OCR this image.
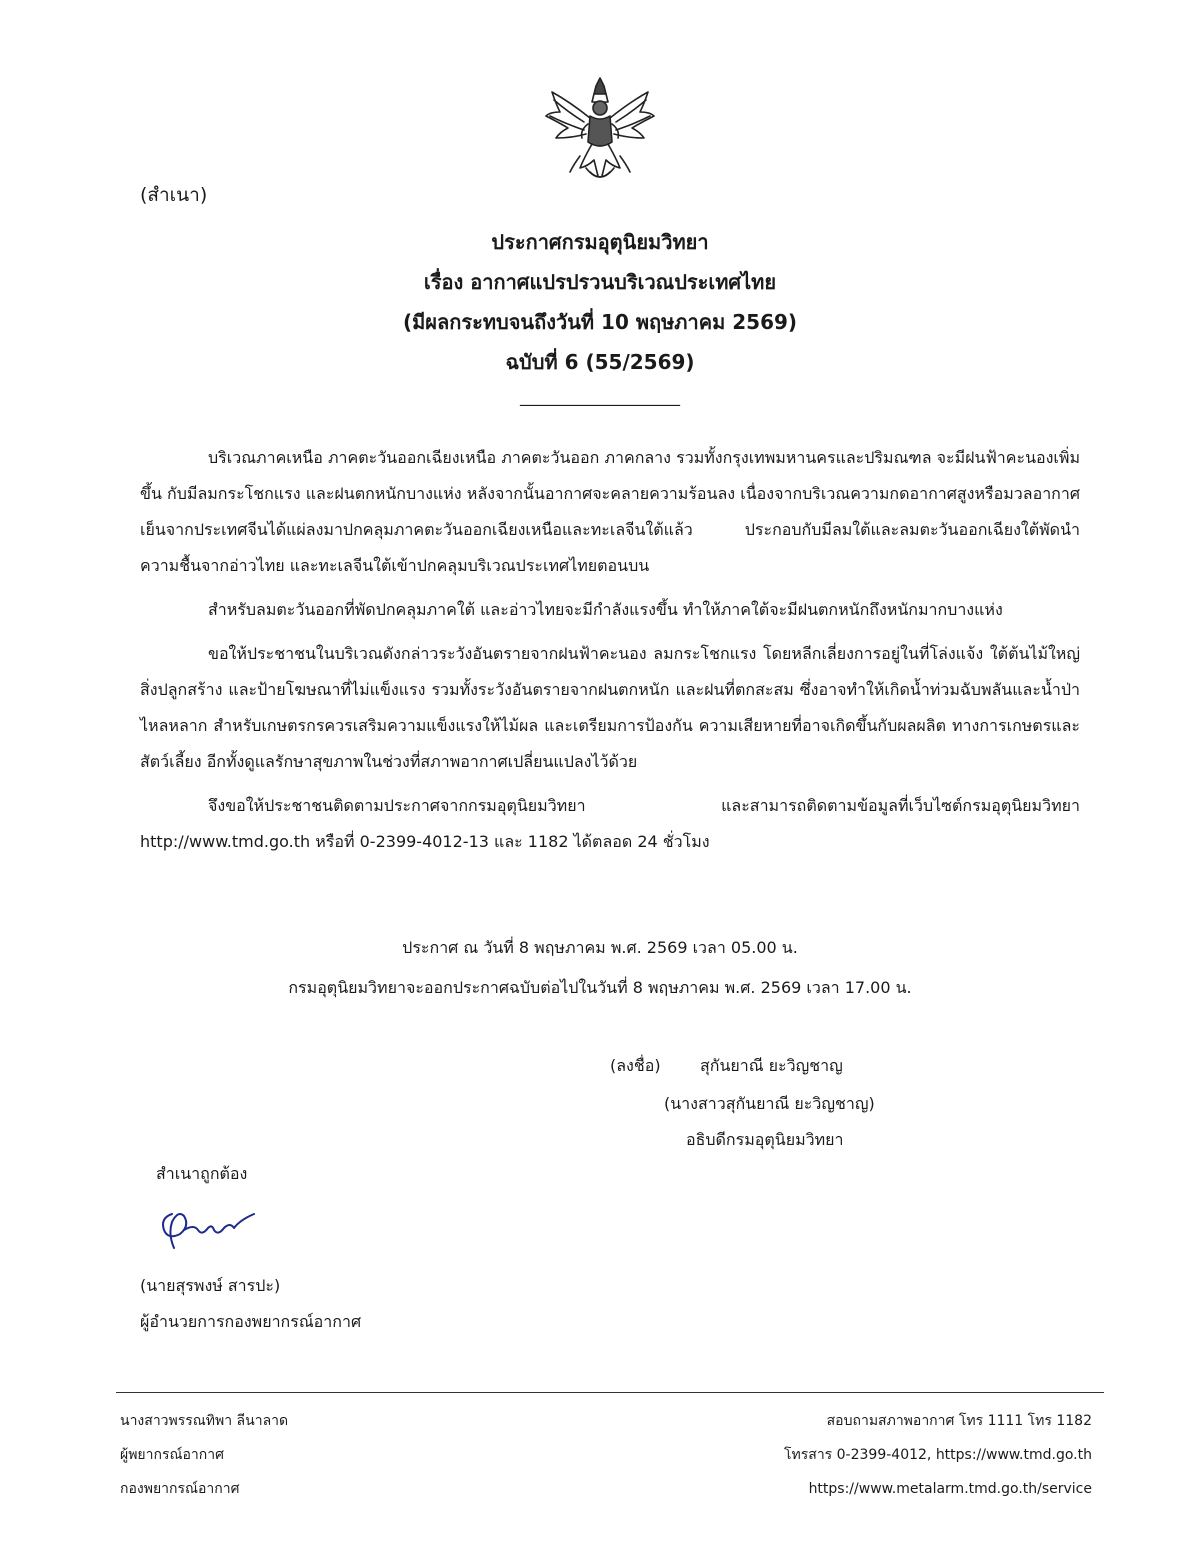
(สำเนา)
ประกาศกรมอุตุนิยมวิทยา
เรื่อง อากาศแปรปรวนบริเวณประเทศไทย
(มีผลกระทบจนถึงวันที่ 10 พฤษภาคม 2569)
ฉบับที่ 6 (55/2569)
____________________

บริเวณภาคเหนือ ภาคตะวันออกเฉียงเหนือ ภาคตะวันออก ภาคกลาง รวมทั้งกรุงเทพมหานครและปริมณฑล จะมีฝนฟ้าคะนองเพิ่มขึ้น กับมีลมกระโชกแรง และฝนตกหนักบางแห่ง หลังจากนั้นอากาศจะคลายความร้อนลง เนื่องจากบริเวณความกดอากาศสูงหรือมวลอากาศเย็นจากประเทศจีนได้แผ่ลงมาปกคลุมภาคตะวันออกเฉียงเหนือและทะเลจีนใต้แล้ว ประกอบกับมีลมใต้และลมตะวันออกเฉียงใต้พัดนำความชื้นจากอ่าวไทย และทะเลจีนใต้เข้าปกคลุมบริเวณประเทศไทยตอนบน

สำหรับลมตะวันออกที่พัดปกคลุมภาคใต้ และอ่าวไทยจะมีกำลังแรงขึ้น ทำให้ภาคใต้จะมีฝนตกหนักถึงหนักมากบางแห่ง

ขอให้ประชาชนในบริเวณดังกล่าวระวังอันตรายจากฝนฟ้าคะนอง ลมกระโชกแรง โดยหลีกเลี่ยงการอยู่ในที่โล่งแจ้ง ใต้ต้นไม้ใหญ่ สิ่งปลูกสร้าง และป้ายโฆษณาที่ไม่แข็งแรง รวมทั้งระวังอันตรายจากฝนตกหนัก และฝนที่ตกสะสม ซึ่งอาจทำให้เกิดน้ำท่วมฉับพลันและน้ำป่าไหลหลาก สำหรับเกษตรกรควรเสริมความแข็งแรงให้ไม้ผล และเตรียมการป้องกัน ความเสียหายที่อาจเกิดขึ้นกับผลผลิต ทางการเกษตรและสัตว์เลี้ยง อีกทั้งดูแลรักษาสุขภาพในช่วงที่สภาพอากาศเปลี่ยนแปลงไว้ด้วย

จึงขอให้ประชาชนติดตามประกาศจากกรมอุตุนิยมวิทยา และสามารถติดตามข้อมูลที่เว็บไซต์กรมอุตุนิยมวิทยา http://www.tmd.go.th หรือที่ 0-2399-4012-13 และ 1182 ได้ตลอด 24 ชั่วโมง

ประกาศ ณ วันที่ 8 พฤษภาคม พ.ศ. 2569 เวลา 05.00 น.
กรมอุตุนิยมวิทยาจะออกประกาศฉบับต่อไปในวันที่ 8 พฤษภาคม พ.ศ. 2569 เวลา 17.00 น.
(ลงชื่อ) สุกันยาณี ยะวิญชาญ
(นางสาวสุกันยาณี ยะวิญชาญ)
อธิบดีกรมอุตุนิยมวิทยา
สำเนาถูกต้อง
(นายสุรพงษ์ สารปะ)
ผู้อำนวยการกองพยากรณ์อากาศ
นางสาวพรรณทิพา ลีนาลาด
ผู้พยากรณ์อากาศ
กองพยากรณ์อากาศ
สอบถามสภาพอากาศ โทร 1111 โทร 1182
โทรสาร 0-2399-4012, https://www.tmd.go.th
https://www.metalarm.tmd.go.th/service
